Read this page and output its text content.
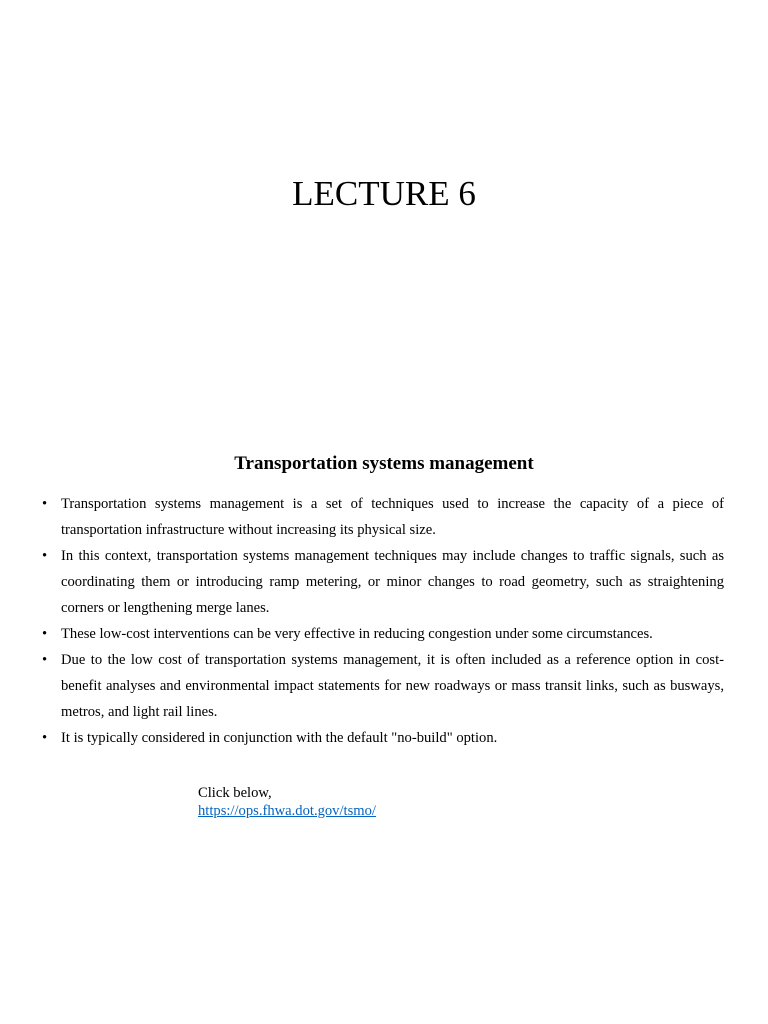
LECTURE 6
Transportation systems management
• Transportation systems management is a set of techniques used to increase the capacity of a piece of transportation infrastructure without increasing its physical size.
• In this context, transportation systems management techniques may include changes to traffic signals, such as coordinating them or introducing ramp metering, or minor changes to road geometry, such as straightening corners or lengthening merge lanes.
• These low-cost interventions can be very effective in reducing congestion under some circumstances.
• Due to the low cost of transportation systems management, it is often included as a reference option in cost-benefit analyses and environmental impact statements for new roadways or mass transit links, such as busways, metros, and light rail lines.
• It is typically considered in conjunction with the default "no-build" option.
Click below,
https://ops.fhwa.dot.gov/tsmo/
